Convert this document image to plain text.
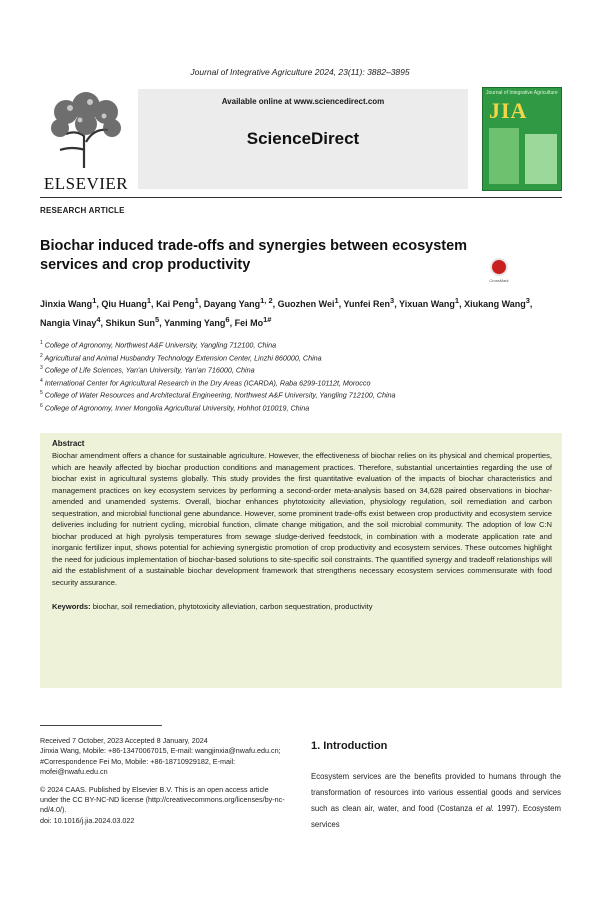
Journal of Integrative Agriculture 2024, 23(11): 3882–3895
ELSEVIER
Available online at www.sciencedirect.com
ScienceDirect
Journal of Integrative Agriculture
JIA
RESEARCH ARTICLE
Biochar induced trade-offs and synergies between ecosystem services and crop productivity
CrossMark
Jinxia Wang$^1$, Qiu Huang$^1$, Kai Peng$^1$, Dayang Yang$^{1, 2}$, Guozhen Wei$^1$, Yunfei Ren$^3$, Yixuan Wang$^1$, Xiukang Wang$^3$, Nangia Vinay$^4$, Shikun Sun$^5$, Yanming Yang$^6$, Fei $Mo^{1\#}$
$^1$ College of Agronomy, Northwest A&F University, Yangling 712100, China
$^2$ Agricultural and Animal Husbandry Technology Extension Center, Linzhi 860000, China
$^3$ College of Life Sciences, Yan'an University, Yan'an 716000, China
$^4$ International Center for Agricultural Research in the Dry Areas (ICARDA), Raba 6299-10112t, Morocco
$^5$ College of Water Resources and Architectural Engineering, Northwest A&F University, Yangling 712100, China
$^6$ College of Agronomy, Inner Mongolia Agricultural University, Hohhot 010019, China
Abstract
Biochar amendment offers a chance for sustainable agriculture. However, the effectiveness of biochar relies on its physical and chemical properties, which are heavily affected by biochar production conditions and management practices. Therefore, substantial uncertainties regarding the use of biochar exist in agricultural systems globally. This study provides the first quantitative evaluation of the impacts of biochar characteristics and management practices on key ecosystem services by performing a second-order meta-analysis based on 34,628 paired observations in biochar-amended and unamended systems. Overall, biochar enhances phytotoxicity alleviation, physiology regulation, soil remediation and carbon sequestration, and microbial functional gene abundance. However, some prominent trade-offs exist between crop productivity and ecosystem service deliveries including for nutrient cycling, microbial function, climate change mitigation, and the soil microbial community. The adoption of low C:N biochar produced at high pyrolysis temperatures from sewage sludge-derived feedstock, in combination with a moderate application rate and inorganic fertilizer input, shows potential for achieving synergistic promotion of crop productivity and ecosystem services. These outcomes highlight the need for judicious implementation of biochar-based solutions to site-specific soil constraints. The quantified synergy and tradeoff relationships will aid the establishment of a sustainable biochar development framework that strengthens necessary ecosystem services commensurate with food security assurance.
Keywords: biochar, soil remediation, phytotoxicity alleviation, carbon sequestration, productivity

Received 7 October, 2023 Accepted 8 January, 2024

Jinxia Wang, Mobile: +86-13470067015, E-mail: wangjinxia@nwafu.edu.cn; #Correspondence Fei Mo, Mobile: +86-18710929182, E-mail: mofei@nwafu.edu.cn

© 2024 CAAS. Published by Elsevier B.V. This is an open access article under the CC BY-NC-ND license (http://creativecommons.org/licenses/by-nc-nd/4.0/).

doi: 10.1016/j.jia.2024.03.022

1. Introduction
Ecosystem services are the benefits provided to humans through the transformation of resources into various essential goods and services such as clean air, water, and food (Costanza et al. 1997). Ecosystem services
